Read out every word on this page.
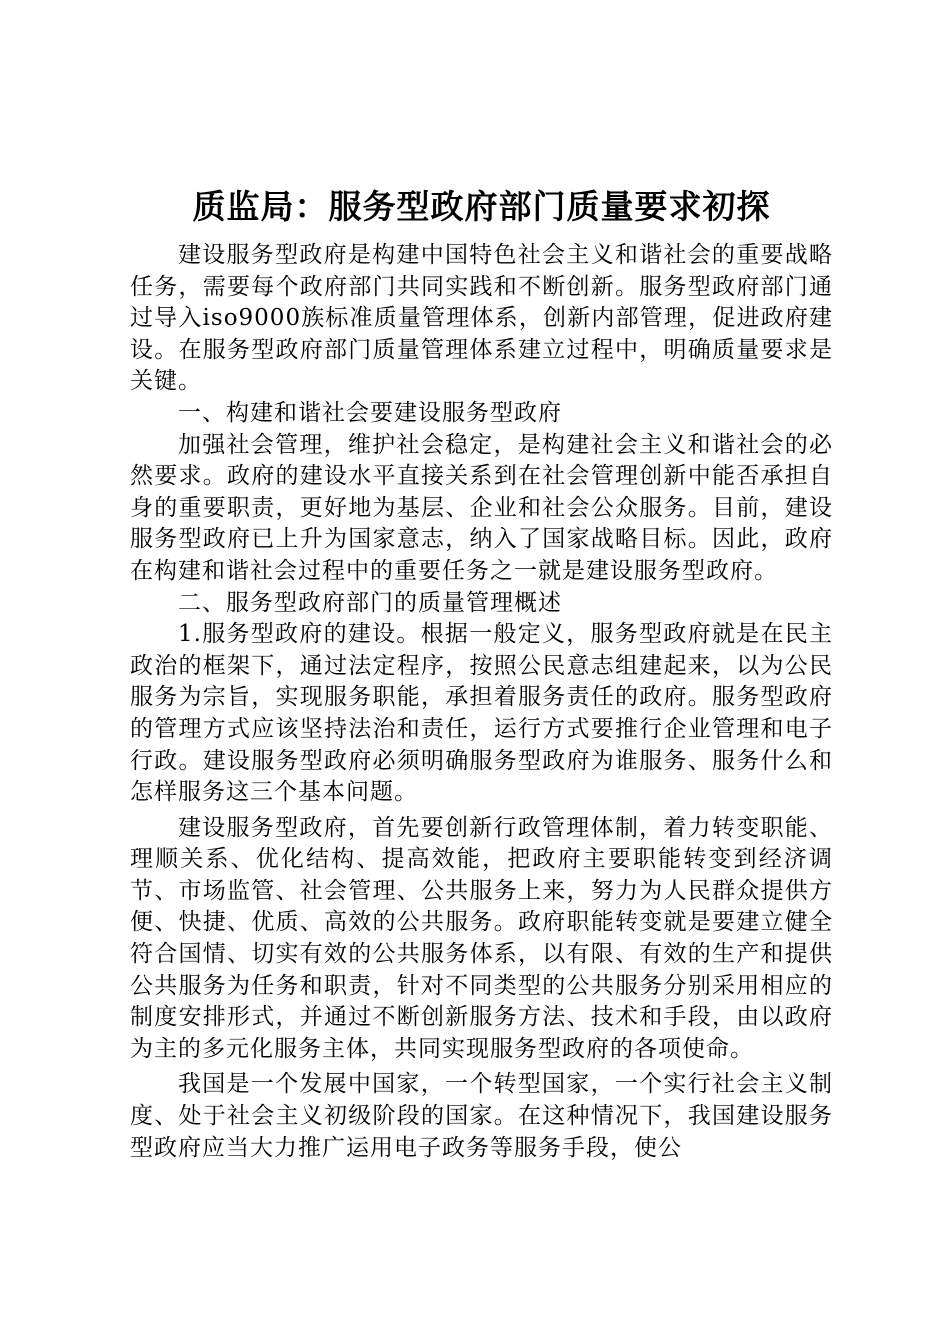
质监局：服务型政府部门质量要求初探

建设服务型政府是构建中国特色社会主义和谐社会的重要战略任务，需要每个政府部门共同实践和不断创新。服务型政府部门通过导入iso9000族标准质量管理体系，创新内部管理，促进政府建设。在服务型政府部门质量管理体系建立过程中，明确质量要求是关键。

一、构建和谐社会要建设服务型政府

加强社会管理，维护社会稳定，是构建社会主义和谐社会的必然要求。政府的建设水平直接关系到在社会管理创新中能否承担自身的重要职责，更好地为基层、企业和社会公众服务。目前，建设服务型政府已上升为国家意志，纳入了国家战略目标。因此，政府在构建和谐社会过程中的重要任务之一就是建设服务型政府。

二、服务型政府部门的质量管理概述

1.服务型政府的建设。根据一般定义，服务型政府就是在民主政治的框架下，通过法定程序，按照公民意志组建起来，以为公民服务为宗旨，实现服务职能，承担着服务责任的政府。服务型政府的管理方式应该坚持法治和责任，运行方式要推行企业管理和电子行政。建设服务型政府必须明确服务型政府为谁服务、服务什么和怎样服务这三个基本问题。

建设服务型政府，首先要创新行政管理体制，着力转变职能、理顺关系、优化结构、提高效能，把政府主要职能转变到经济调节、市场监管、社会管理、公共服务上来，努力为人民群众提供方便、快捷、优质、高效的公共服务。政府职能转变就是要建立健全符合国情、切实有效的公共服务体系，以有限、有效的生产和提供公共服务为任务和职责，针对不同类型的公共服务分别采用相应的制度安排形式，并通过不断创新服务方法、技术和手段，由以政府为主的多元化服务主体，共同实现服务型政府的各项使命。

我国是一个发展中国家，一个转型国家，一个实行社会主义制度、处于社会主义初级阶段的国家。在这种情况下，我国建设服务型政府应当大力推广运用电子政务等服务手段，使公
